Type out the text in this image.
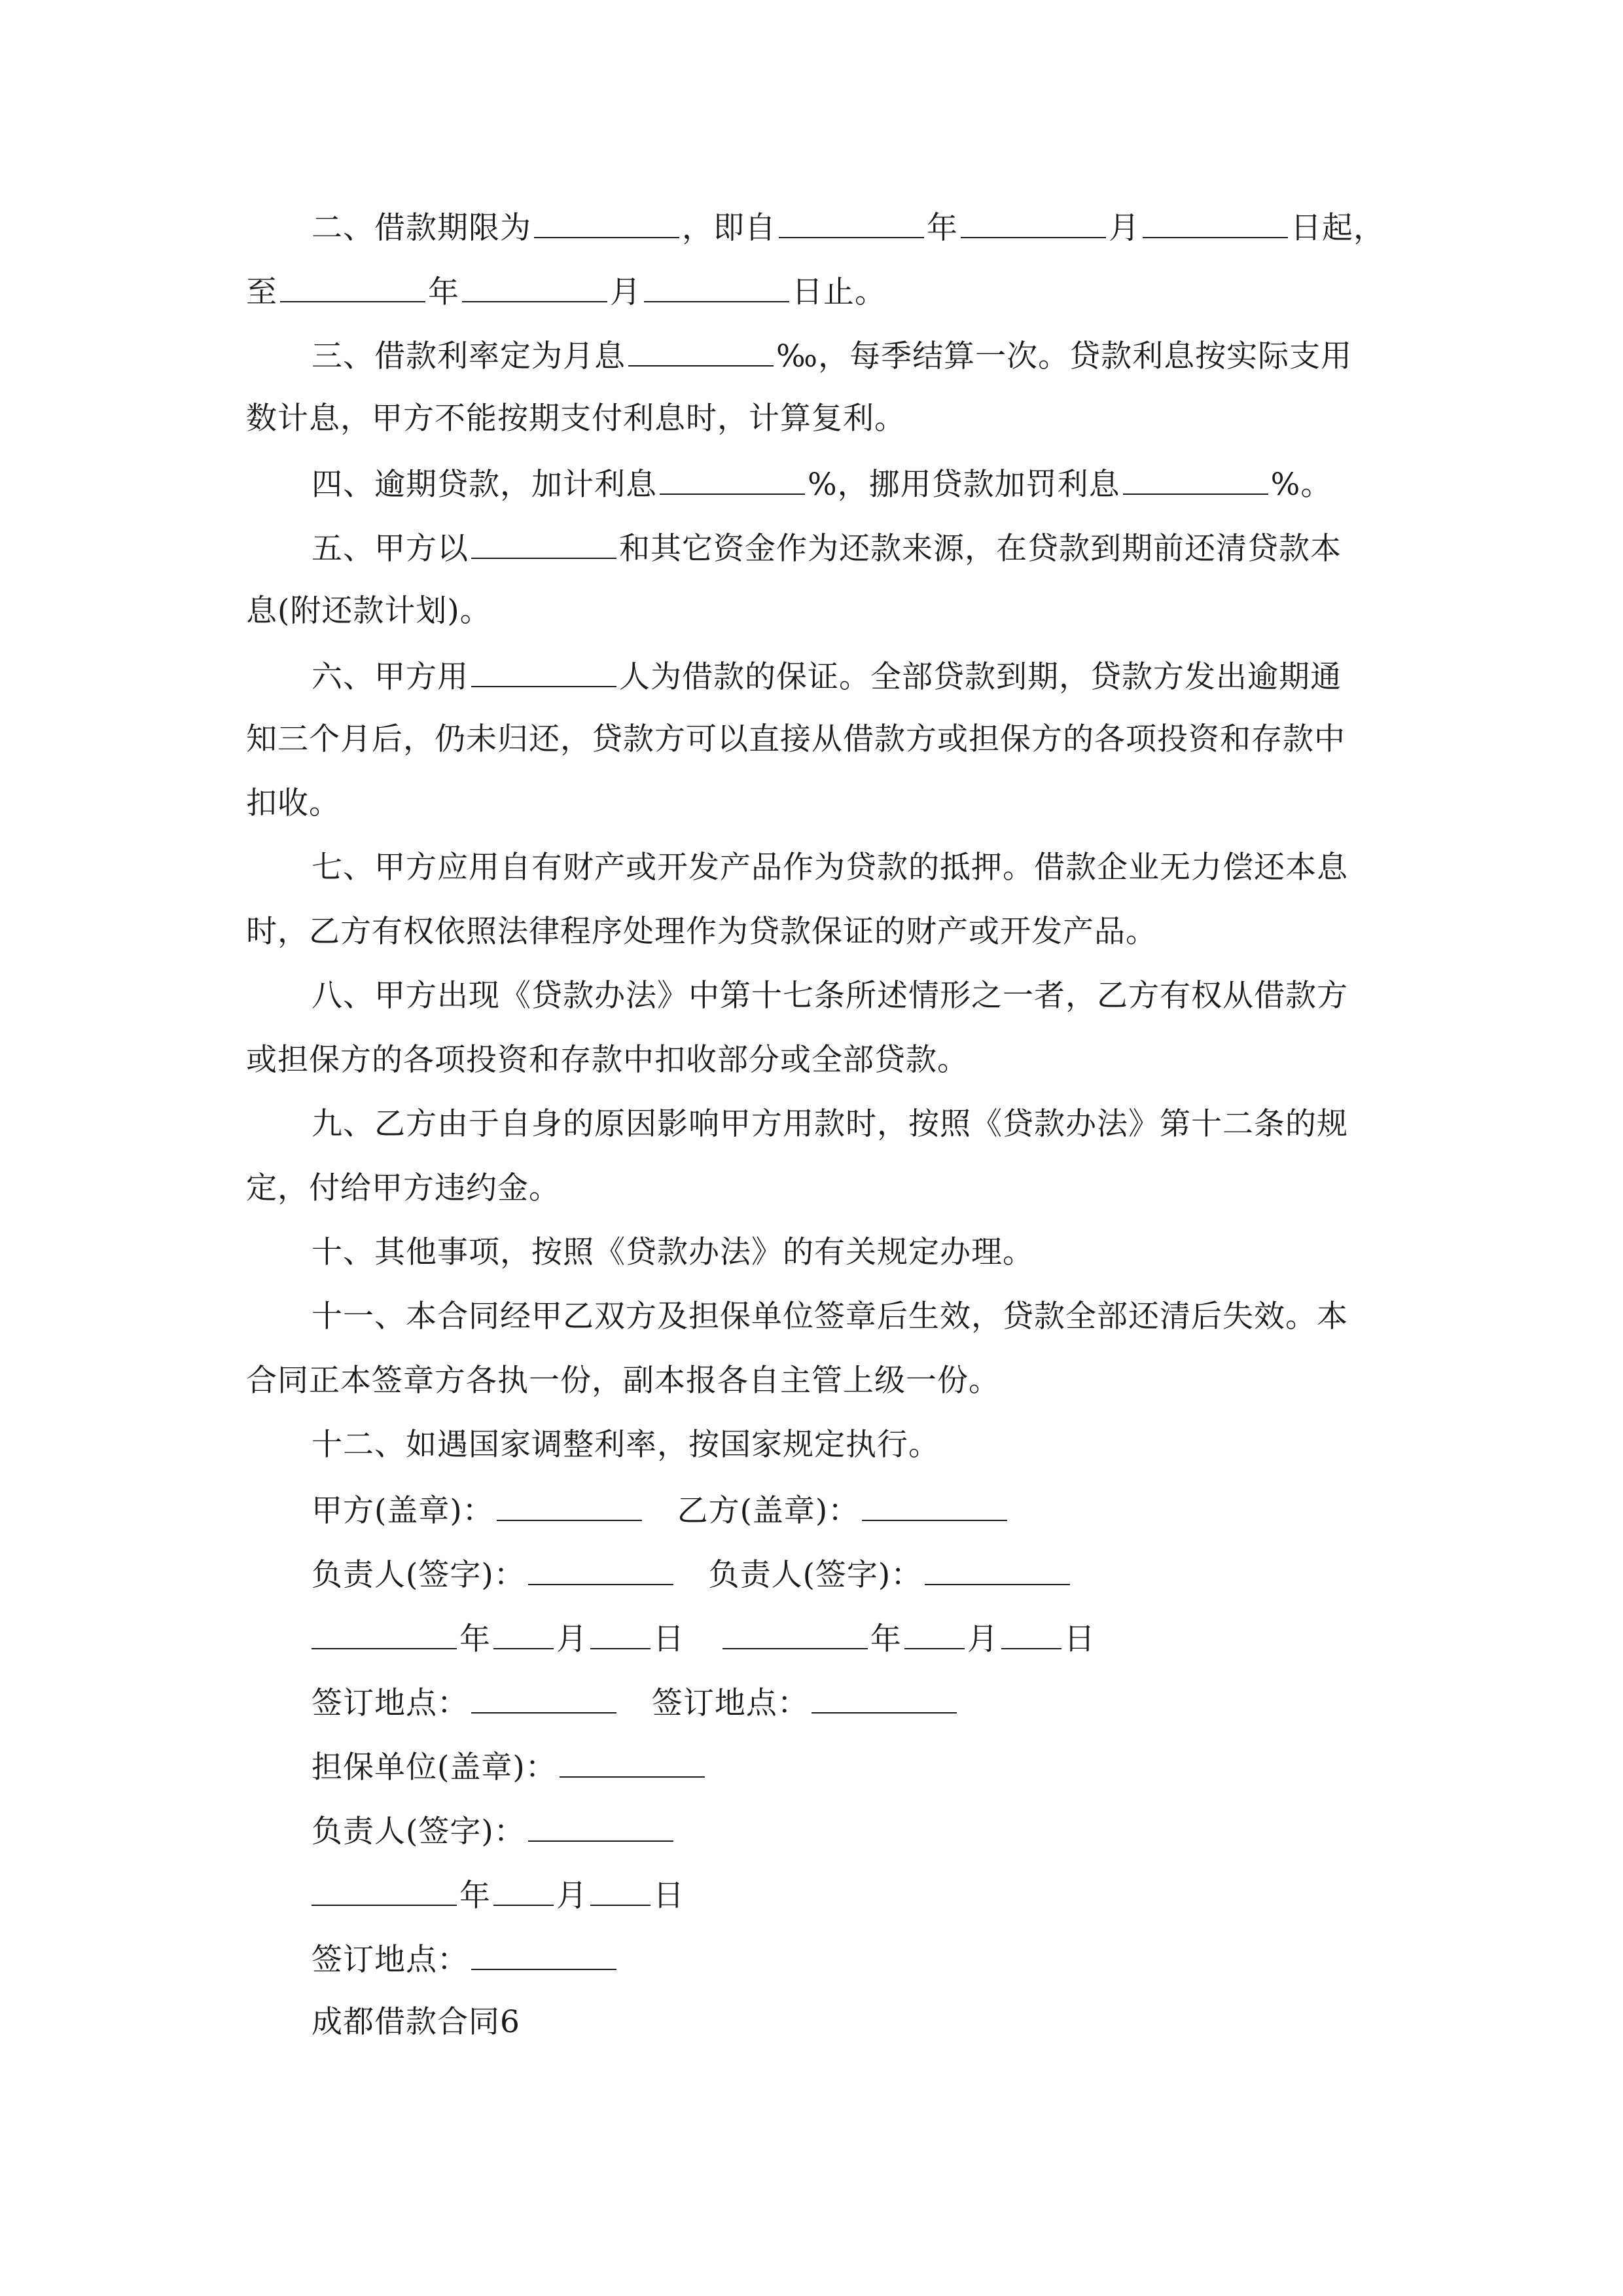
二、借款期限为	，即自	年	月	日起，
至	年	月	日止。
三、借款利率定为月息	‰，每季结算一次。贷款利息按实际支用
数计息，甲方不能按期支付利息时，计算复利。
四、逾期贷款，加计利息	%，挪用贷款加罚利息	%。
五、甲方以	和其它资金作为还款来源，在贷款到期前还清贷款本
息(附还款计划)。
六、甲方用	人为借款的保证。全部贷款到期，贷款方发出逾期通
知三个月后，仍未归还，贷款方可以直接从借款方或担保方的各项投资和存款中
扣收。
七、甲方应用自有财产或开发产品作为贷款的抵押。借款企业无力偿还本息
时，乙方有权依照法律程序处理作为贷款保证的财产或开发产品。
八、甲方出现《贷款办法》中第十七条所述情形之一者，乙方有权从借款方
或担保方的各项投资和存款中扣收部分或全部贷款。
九、乙方由于自身的原因影响甲方用款时，按照《贷款办法》第十二条的规
定，付给甲方违约金。
十、其他事项，按照《贷款办法》的有关规定办理。
十一、本合同经甲乙双方及担保单位签章后生效，贷款全部还清后失效。本
合同正本签章方各执一份，副本报各自主管上级一份。
十二、如遇国家调整利率，按国家规定执行。
甲方(盖章)：	乙方(盖章)：
负责人(签字)：	负责人(签字)：
年 月 日	年 月 日
签订地点：	签订地点：
担保单位(盖章)：
负责人(签字)：
年 月 日
签订地点：
成都借款合同6
